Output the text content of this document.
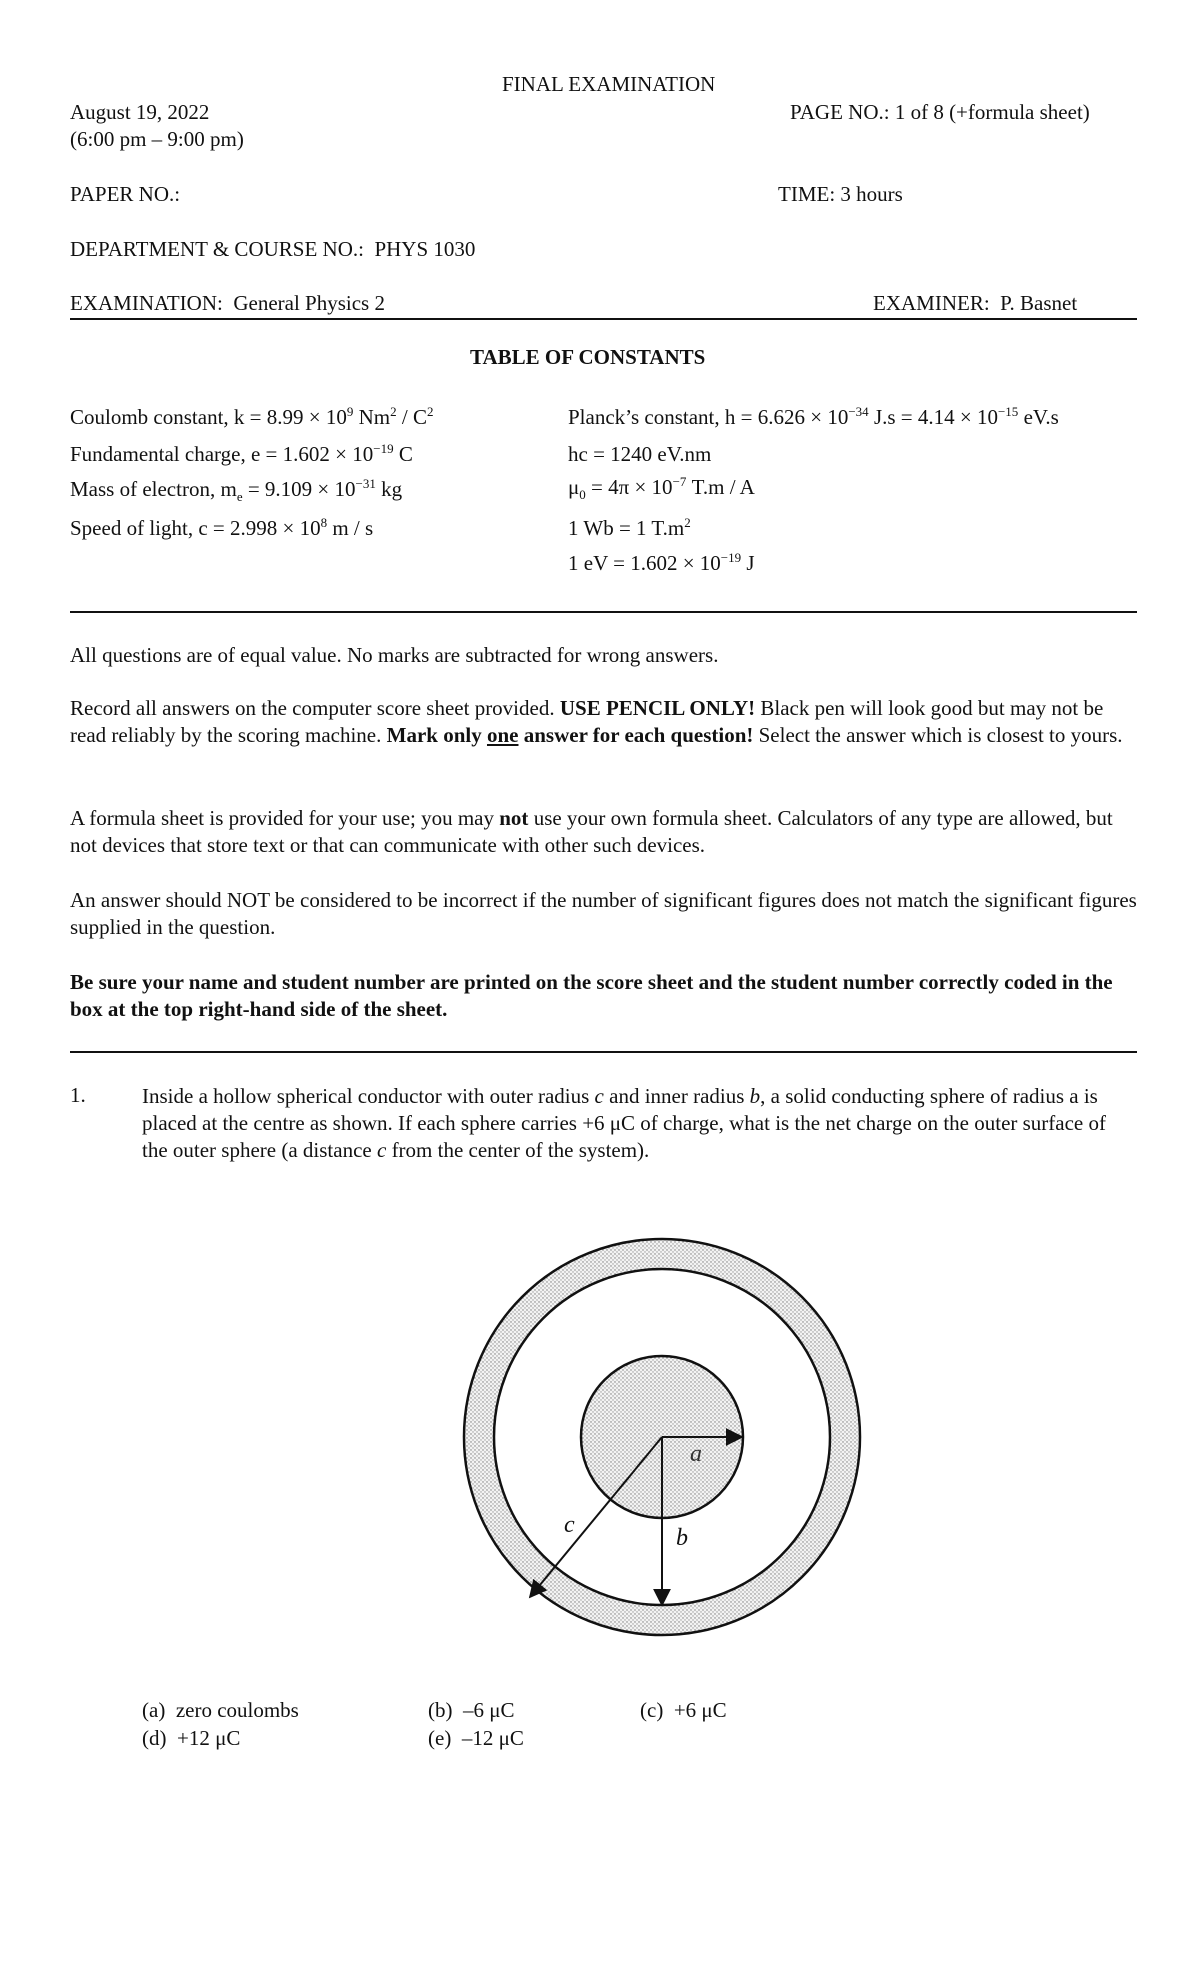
FINAL EXAMINATION
August 19, 2022	PAGE NO.: 1 of 8 (+formula sheet)
(6:00 pm – 9:00 pm)
PAPER NO.:	TIME: 3 hours
DEPARTMENT & COURSE NO.: PHYS 1030
EXAMINATION: General Physics 2	EXAMINER: P. Basnet
TABLE OF CONSTANTS
Coulomb constant, $k = 8.99 \times 10^9$ $Nm^2 / C^2$
Fundamental charge, $e = 1.602 \times 10^{-19}$ C
Mass of electron, $m_e = 9.109 \times 10^{-31}$ kg
Speed of light, $c = 2.998 \times 10^8$ m / s
Planck’s constant, $h = 6.626 \times 10^{-34}$ $J.s = 4.14 \times 10^{-15}$ eV.s
hc = 1240 eV.nm
$\mu_0 = 4\pi \times 10^{-7}$ T.m / A
1 Wb = 1 $T.m^2$
1 eV = $1.602 \times 10^{-19}$ J
All questions are of equal value. No marks are subtracted for wrong answers.
Record all answers on the computer score sheet provided. USE PENCIL ONLY! Black pen will look good but may not be read reliably by the scoring machine. Mark only one answer for each question! Select the answer which is closest to yours.
A formula sheet is provided for your use; you may not use your own formula sheet. Calculators of any type are allowed, but not devices that store text or that can communicate with other such devices.
An answer should NOT be considered to be incorrect if the number of significant figures does not match the significant figures supplied in the question.
Be sure your name and student number are printed on the score sheet and the student number correctly coded in the box at the top right-hand side of the sheet.
1.	Inside a hollow spherical conductor with outer radius c and inner radius b, a solid conducting sphere of radius a is placed at the centre as shown. If each sphere carries +6 μC of charge, what is the net charge on the outer surface of the outer sphere (a distance c from the center of the system).
a
b
c
(a) zero coulombs	(b) –6 μC	(c) +6 μC
(d) +12 μC	(e) –12 μC
